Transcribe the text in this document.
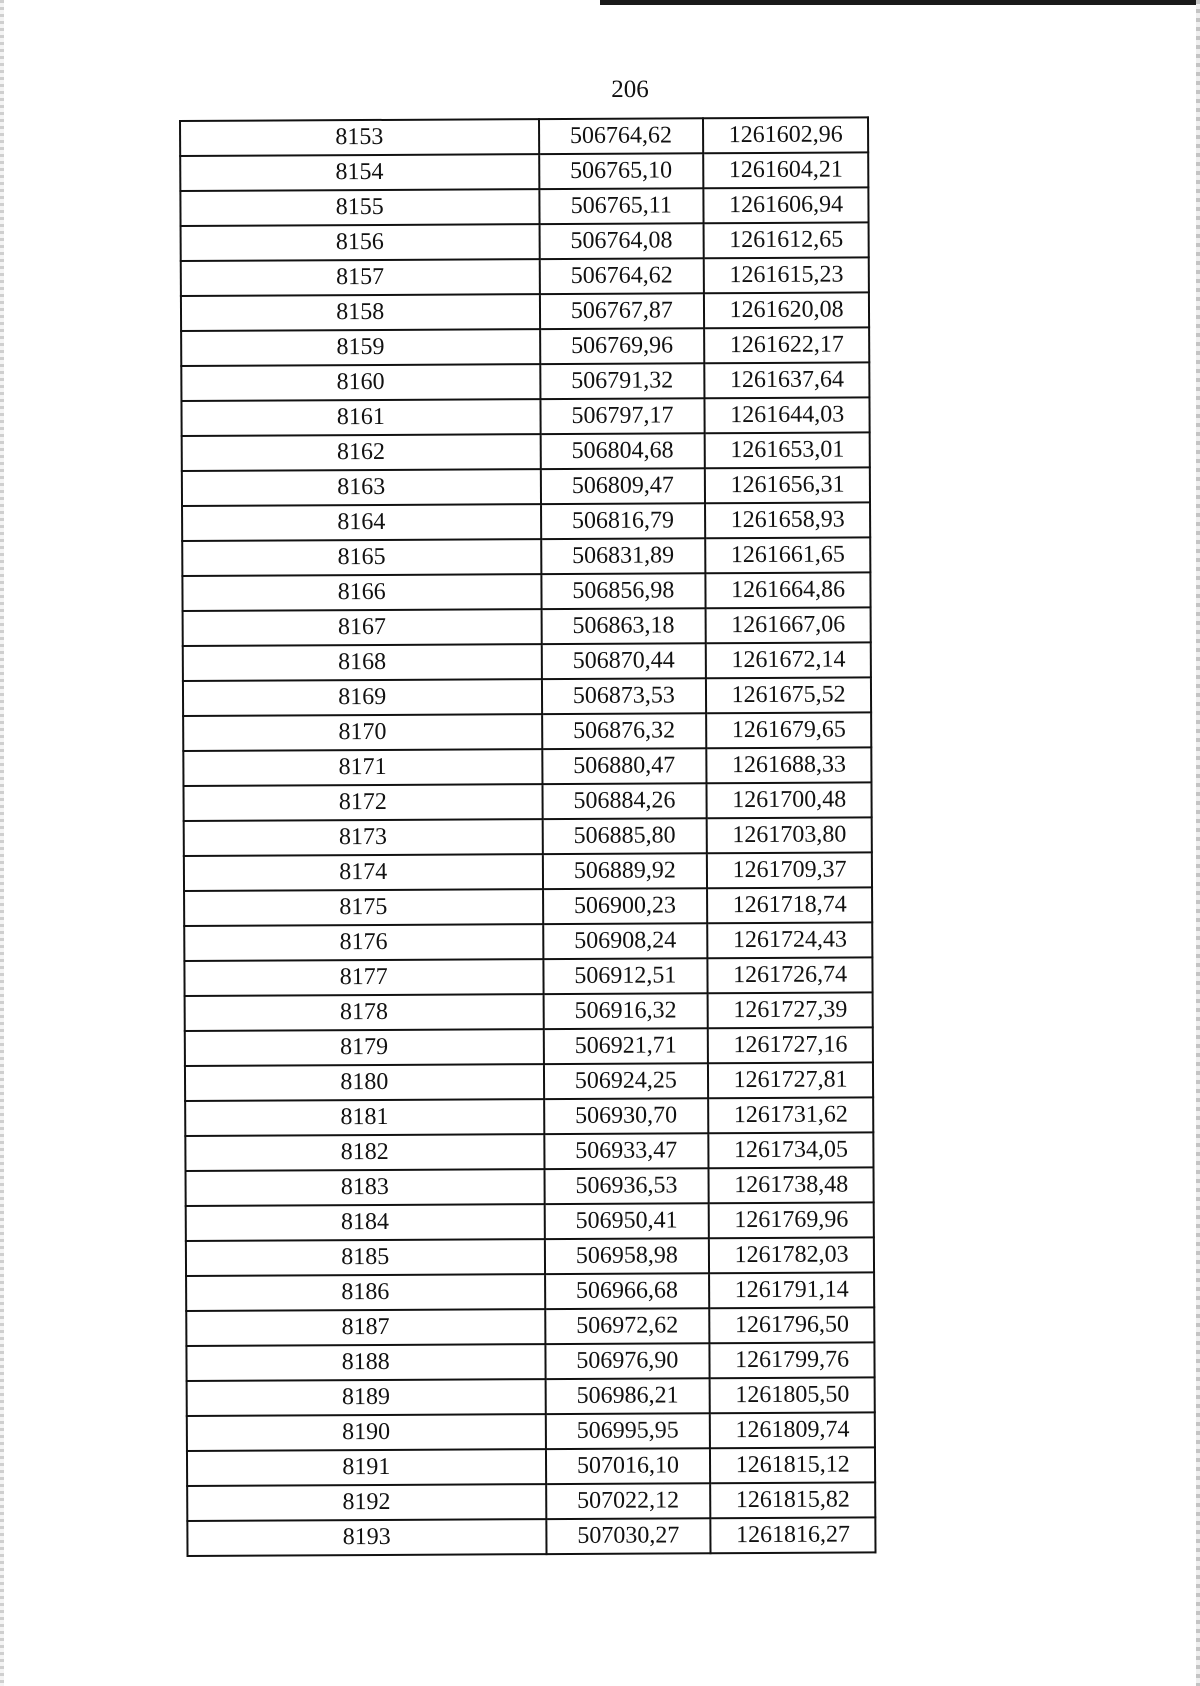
206
8153	506764,62	1261602,96
8154	506765,10	1261604,21
8155	506765,11	1261606,94
8156	506764,08	1261612,65
8157	506764,62	1261615,23
8158	506767,87	1261620,08
8159	506769,96	1261622,17
8160	506791,32	1261637,64
8161	506797,17	1261644,03
8162	506804,68	1261653,01
8163	506809,47	1261656,31
8164	506816,79	1261658,93
8165	506831,89	1261661,65
8166	506856,98	1261664,86
8167	506863,18	1261667,06
8168	506870,44	1261672,14
8169	506873,53	1261675,52
8170	506876,32	1261679,65
8171	506880,47	1261688,33
8172	506884,26	1261700,48
8173	506885,80	1261703,80
8174	506889,92	1261709,37
8175	506900,23	1261718,74
8176	506908,24	1261724,43
8177	506912,51	1261726,74
8178	506916,32	1261727,39
8179	506921,71	1261727,16
8180	506924,25	1261727,81
8181	506930,70	1261731,62
8182	506933,47	1261734,05
8183	506936,53	1261738,48
8184	506950,41	1261769,96
8185	506958,98	1261782,03
8186	506966,68	1261791,14
8187	506972,62	1261796,50
8188	506976,90	1261799,76
8189	506986,21	1261805,50
8190	506995,95	1261809,74
8191	507016,10	1261815,12
8192	507022,12	1261815,82
8193	507030,27	1261816,27
